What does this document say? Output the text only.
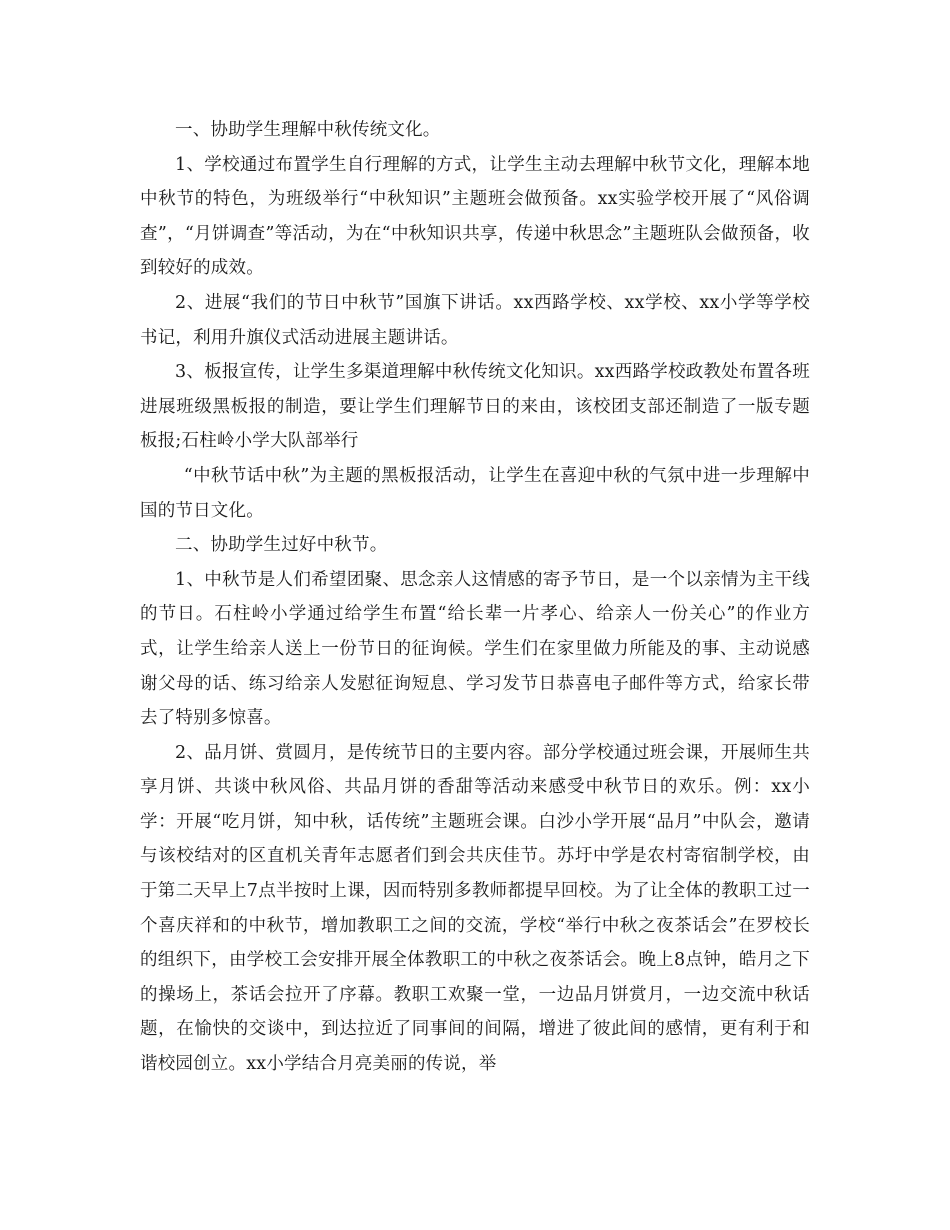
一、协助学生理解中秋传统文化。

1、学校通过布置学生自行理解的方式，让学生主动去理解中秋节文化，理解本地中秋节的特色，为班级举行“中秋知识”主题班会做预备。xx实验学校开展了“风俗调查”，“月饼调查”等活动，为在“中秋知识共享，传递中秋思念”主题班队会做预备，收到较好的成效。

2、进展“我们的节日中秋节”国旗下讲话。xx西路学校、xx学校、xx小学等学校书记，利用升旗仪式活动进展主题讲话。

3、板报宣传，让学生多渠道理解中秋传统文化知识。xx西路学校政教处布置各班进展班级黑板报的制造，要让学生们理解节日的来由，该校团支部还制造了一版专题板报;石柱岭小学大队部举行

“中秋节话中秋”为主题的黑板报活动，让学生在喜迎中秋的气氛中进一步理解中国的节日文化。

二、协助学生过好中秋节。

1、中秋节是人们希望团聚、思念亲人这情感的寄予节日，是一个以亲情为主干线的节日。石柱岭小学通过给学生布置“给长辈一片孝心、给亲人一份关心”的作业方式，让学生给亲人送上一份节日的征询候。学生们在家里做力所能及的事、主动说感谢父母的话、练习给亲人发慰征询短息、学习发节日恭喜电子邮件等方式，给家长带去了特别多惊喜。

2、品月饼、赏圆月，是传统节日的主要内容。部分学校通过班会课，开展师生共享月饼、共谈中秋风俗、共品月饼的香甜等活动来感受中秋节日的欢乐。例：xx小学：开展“吃月饼，知中秋，话传统”主题班会课。白沙小学开展“品月”中队会，邀请与该校结对的区直机关青年志愿者们到会共庆佳节。苏圩中学是农村寄宿制学校，由于第二天早上7点半按时上课，因而特别多教师都提早回校。为了让全体的教职工过一个喜庆祥和的中秋节，增加教职工之间的交流，学校“举行中秋之夜茶话会”在罗校长的组织下，由学校工会安排开展全体教职工的中秋之夜茶话会。晚上8点钟，皓月之下的操场上，茶话会拉开了序幕。教职工欢聚一堂，一边品月饼赏月，一边交流中秋话题，在愉快的交谈中，到达拉近了同事间的间隔，增进了彼此间的感情，更有利于和谐校园创立。xx小学结合月亮美丽的传说，举
